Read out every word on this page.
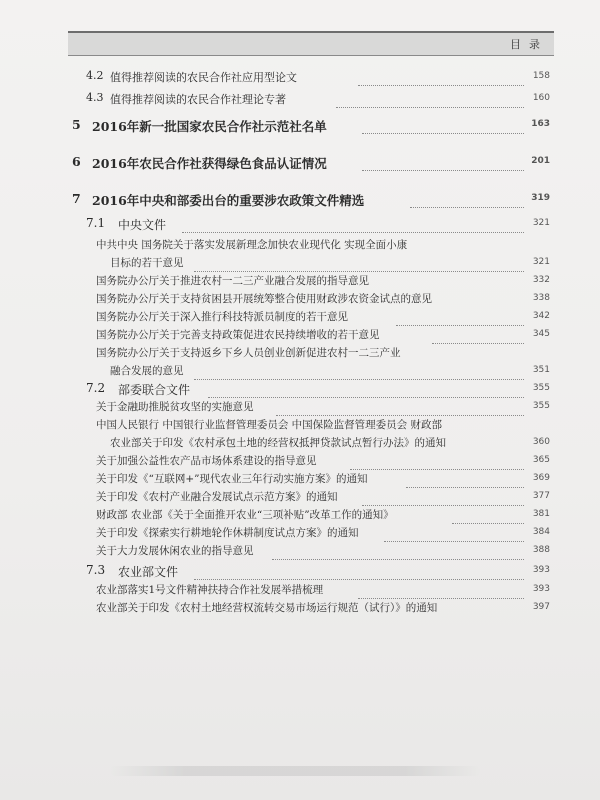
目录
4.2 值得推荐阅读的农民合作社应用型论文	158
4.3 值得推荐阅读的农民合作社理论专著	160
5 2016年新一批国家农民合作社示范社名单	163
6 2016年农民合作社获得绿色食品认证情况	201
7 2016年中央和部委出台的重要涉农政策文件精选	319
7.1 中央文件	321
中共中央 国务院关于落实发展新理念加快农业现代化 实现全面小康
目标的若干意见	321
国务院办公厅关于推进农村一二三产业融合发展的指导意见	332
国务院办公厅关于支持贫困县开展统筹整合使用财政涉农资金试点的意见	338
国务院办公厅关于深入推行科技特派员制度的若干意见	342
国务院办公厅关于完善支持政策促进农民持续增收的若干意见	345
国务院办公厅关于支持返乡下乡人员创业创新促进农村一二三产业
融合发展的意见	351
7.2 部委联合文件	355
关于金融助推脱贫攻坚的实施意见	355
中国人民银行 中国银行业监督管理委员会 中国保险监督管理委员会 财政部
农业部关于印发《农村承包土地的经营权抵押贷款试点暂行办法》的通知	360
关于加强公益性农产品市场体系建设的指导意见	365
关于印发《“互联网+”现代农业三年行动实施方案》的通知	369
关于印发《农村产业融合发展试点示范方案》的通知	377
财政部 农业部《关于全面推开农业“三项补贴”改革工作的通知》	381
关于印发《探索实行耕地轮作休耕制度试点方案》的通知	384
关于大力发展休闲农业的指导意见	388
7.3 农业部文件	393
农业部落实1号文件精神扶持合作社发展举措梳理	393
农业部关于印发《农村土地经营权流转交易市场运行规范（试行）》的通知	397
